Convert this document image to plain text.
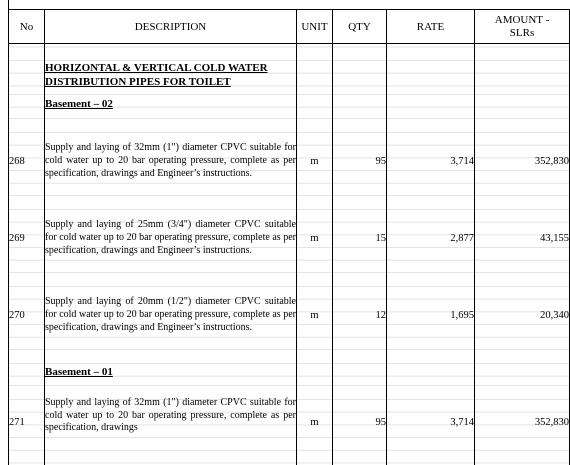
No	DESCRIPTION	UNIT	QTY	RATE	AMOUNT -
SLRs

	HORIZONTAL & VERTICAL COLD WATER
DISTRIBUTION PIPES FOR TOILET				

	Basement – 02				

268	Supply and laying of 32mm (1") diameter CPVC suitable for cold water up to 20 bar operating pressure, complete as per specification, drawings and Engineer’s instructions.	m	95	3,714	352,830

269	Supply and laying of 25mm (3/4") diameter CPVC suitable for cold water up to 20 bar operating pressure, complete as per specification, drawings and Engineer’s instructions.	m	15	2,877	43,155

270	Supply and laying of 20mm (1/2") diameter CPVC suitable for cold water up to 20 bar operating pressure, complete as per specification, drawings and Engineer’s instructions.	m	12	1,695	20,340

	Basement – 01				

271	Supply and laying of 32mm (1") diameter CPVC suitable for cold water up to 20 bar operating pressure, complete as per specification, drawings	m	95	3,714	352,830
